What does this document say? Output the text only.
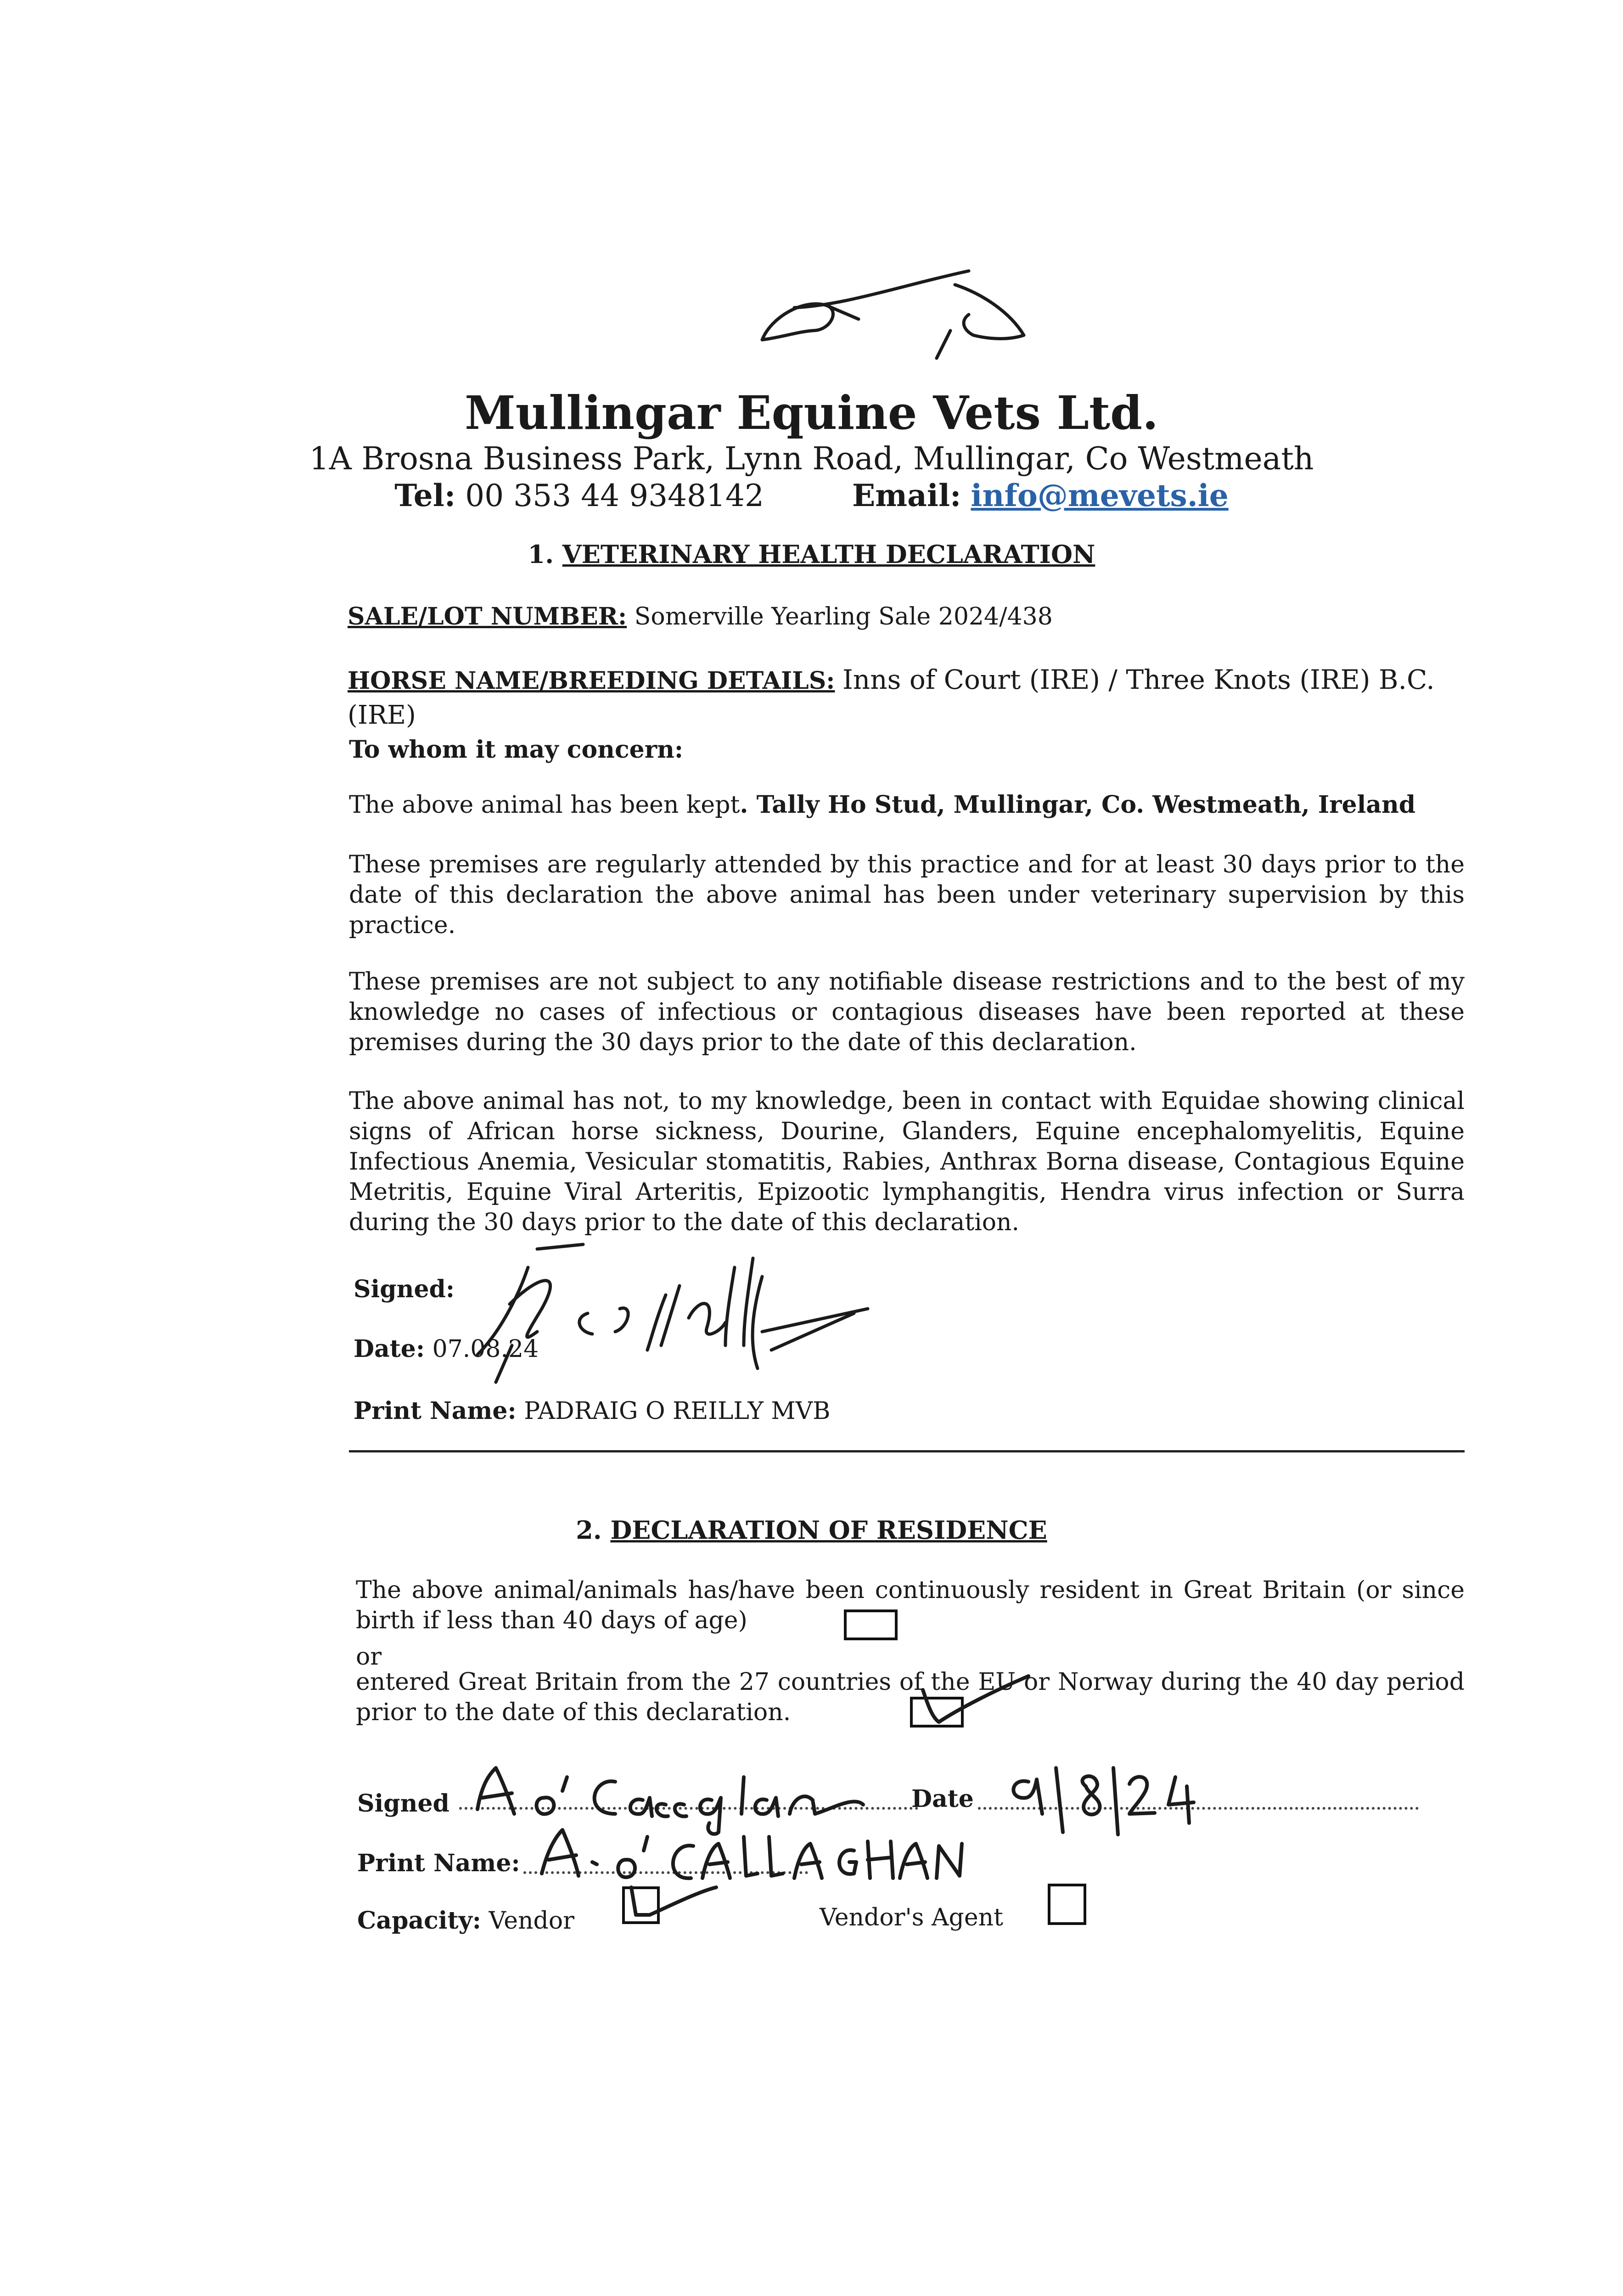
Mullingar Equine Vets Ltd.
1A Brosna Business Park, Lynn Road, Mullingar, Co Westmeath
Tel: 00 353 44 9348142	Email: info@mevets.ie
1. VETERINARY HEALTH DECLARATION
SALE/LOT NUMBER: Somerville Yearling Sale 2024/438
HORSE NAME/BREEDING DETAILS: Inns of Court (IRE) / Three Knots (IRE) B.C.
(IRE)
To whom it may concern:
The above animal has been kept. Tally Ho Stud, Mullingar, Co. Westmeath, Ireland
These premises are regularly attended by this practice and for at least 30 days prior to the date of this declaration the above animal has been under veterinary supervision by this practice.
These premises are not subject to any notifiable disease restrictions and to the best of my knowledge no cases of infectious or contagious diseases have been reported at these premises during the 30 days prior to the date of this declaration.
The above animal has not, to my knowledge, been in contact with Equidae showing clinical signs of African horse sickness, Dourine, Glanders, Equine encephalomyelitis, Equine Infectious Anemia, Vesicular stomatitis, Rabies, Anthrax Borna disease, Contagious Equine Metritis, Equine Viral Arteritis, Epizootic lymphangitis, Hendra virus infection or Surra during the 30 days prior to the date of this declaration.
Signed:
Date: 07.08.24
Print Name: PADRAIG O REILLY MVB
2. DECLARATION OF RESIDENCE
The above animal/animals has/have been continuously resident in Great Britain (or since birth if less than 40 days of age)
or
entered Great Britain from the 27 countries of the EU or Norway during the 40 day period prior to the date of this declaration.
Signed	Date
Print Name:
Capacity: Vendor	Vendor's Agent
